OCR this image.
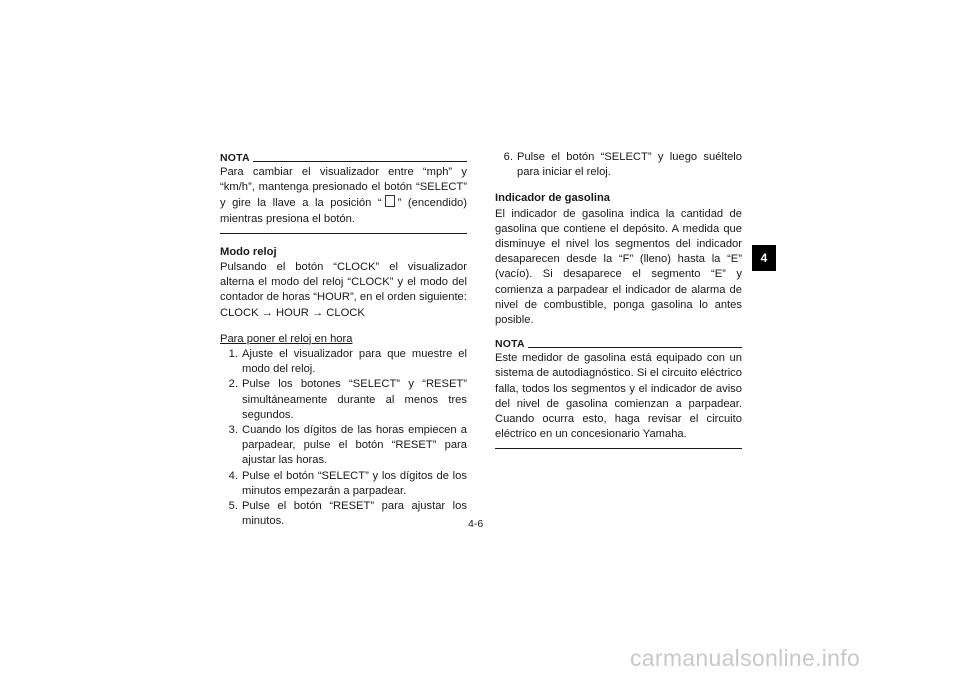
NOTA

Para cambiar el visualizador entre “mph” y “km/h”, mantenga presionado el botón “SELECT” y gire la llave a la posición “ ” (encendido) mientras presiona el botón.

Modo reloj

Pulsando el botón “CLOCK” el visualizador alterna el modo del reloj “CLOCK” y el modo del contador de horas “HOUR”, en el orden siguiente:

CLOCK → HOUR → CLOCK

Para poner el reloj en hora

1. Ajuste el visualizador para que muestre el modo del reloj.
2. Pulse los botones “SELECT” y “RESET” simultáneamente durante al menos tres segundos.
3. Cuando los dígitos de las horas empiecen a parpadear, pulse el botón “RESET” para ajustar las horas.
4. Pulse el botón “SELECT” y los dígitos de los minutos empezarán a parpadear.
5. Pulse el botón “RESET” para ajustar los minutos.
6. Pulse el botón “SELECT” y luego suéltelo para iniciar el reloj.

Indicador de gasolina

El indicador de gasolina indica la cantidad de gasolina que contiene el depósito. A medida que disminuye el nivel los segmentos del indicador desaparecen desde la “F” (lleno) hasta la “E” (vacío). Si desaparece el segmento “E” y comienza a parpadear el indicador de alarma de nivel de combustible, ponga gasolina lo antes posible.

NOTA

Este medidor de gasolina está equipado con un sistema de autodiagnóstico. Si el circuito eléctrico falla, todos los segmentos y el indicador de aviso del nivel de gasolina comienzan a parpadear. Cuando ocurra esto, haga revisar el circuito eléctrico en un concesionario Yamaha.

4
4-6
carmanualsonline.info
